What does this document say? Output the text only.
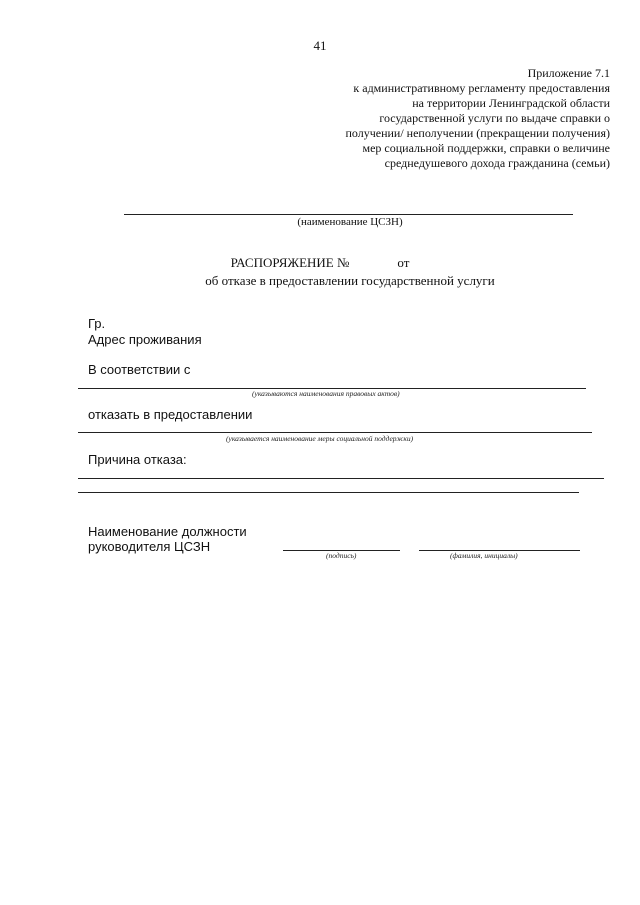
41
Приложение 7.1
к административному регламенту предоставления
на территории Ленинградской области
государственной услуги по выдаче справки о
получении/ неполучении (прекращении получения)
мер социальной поддержки, справки о величине
среднедушевого дохода гражданина (семьи)
(наименование ЦСЗН)
РАСПОРЯЖЕНИЕ №	от
об отказе в предоставлении государственной услуги
Гр.
Адрес проживания
В соответствии с
(указываются наименования правовых актов)
отказать в предоставлении
(указывается наименование меры социальной поддержки)
Причина отказа:
Наименование должности
руководителя ЦСЗН
(подпись)	(фамилия, инициалы)
